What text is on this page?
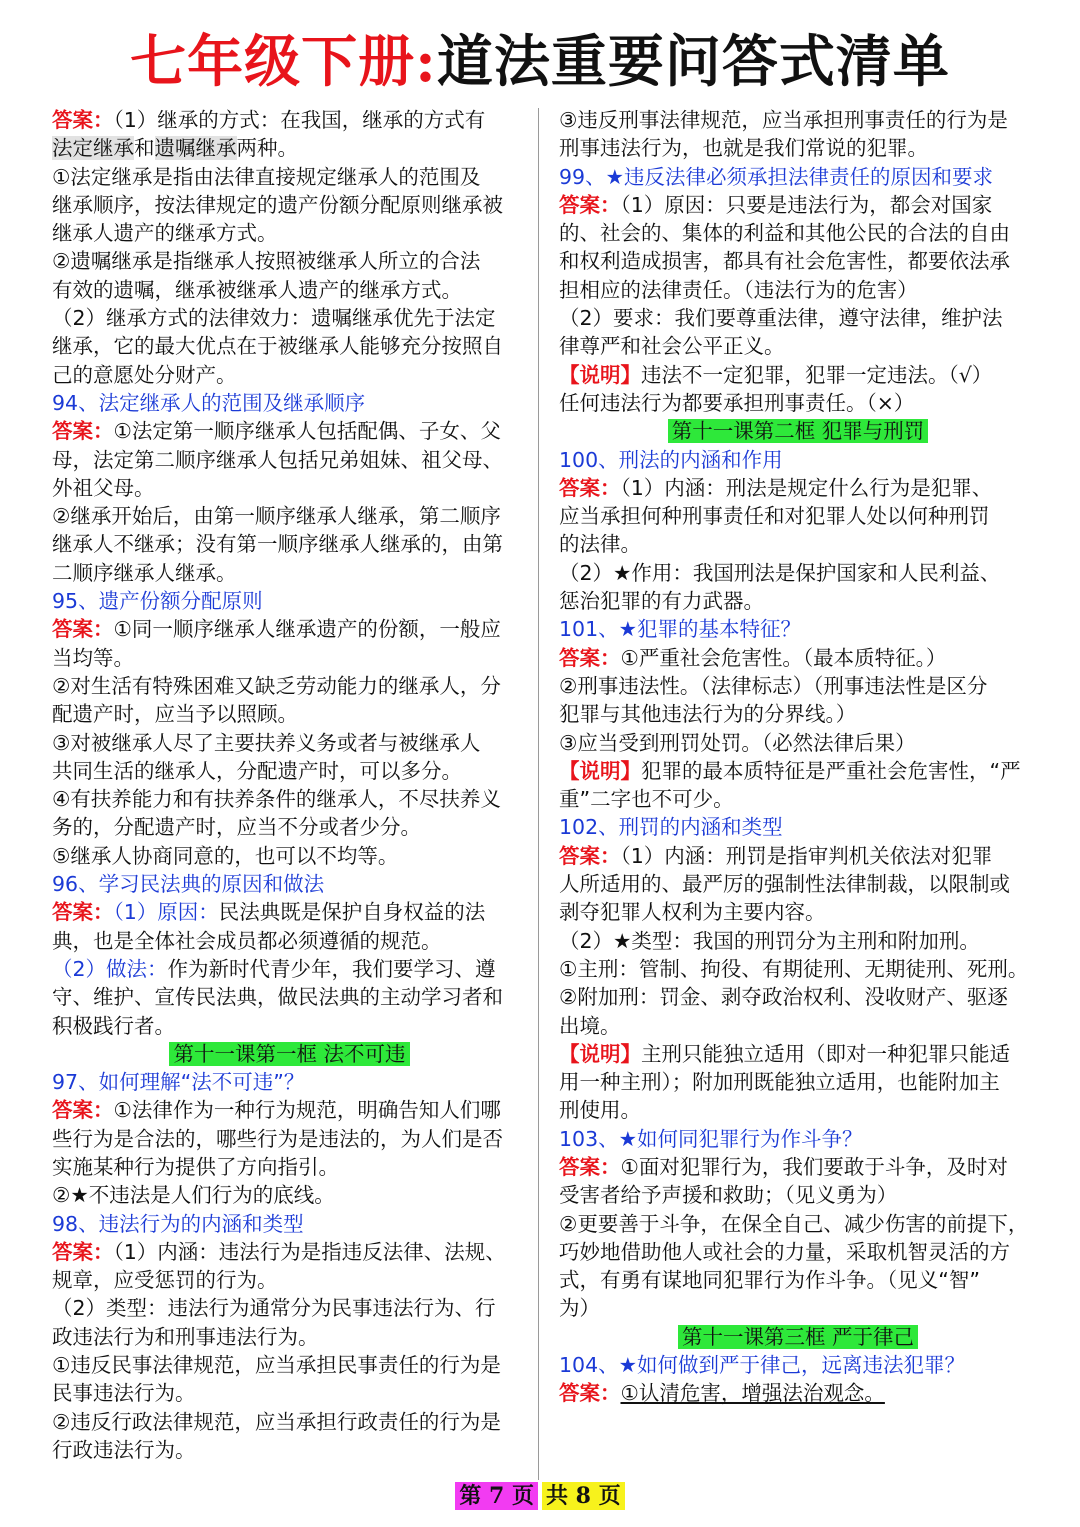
七年级下册:道法重要问答式清单
答案：（1）继承的方式：在我国，继承的方式有
法定继承和遗嘱继承两种。
①法定继承是指由法律直接规定继承人的范围及
继承顺序，按法律规定的遗产份额分配原则继承被
继承人遗产的继承方式。
②遗嘱继承是指继承人按照被继承人所立的合法
有效的遗嘱，继承被继承人遗产的继承方式。
（2）继承方式的法律效力：遗嘱继承优先于法定
继承，它的最大优点在于被继承人能够充分按照自
己的意愿处分财产。
94、法定继承人的范围及继承顺序
答案：①法定第一顺序继承人包括配偶、子女、父
母，法定第二顺序继承人包括兄弟姐妹、祖父母、
外祖父母。
②继承开始后，由第一顺序继承人继承，第二顺序
继承人不继承；没有第一顺序继承人继承的，由第
二顺序继承人继承。
95、遗产份额分配原则
答案：①同一顺序继承人继承遗产的份额，一般应
当均等。
②对生活有特殊困难又缺乏劳动能力的继承人，分
配遗产时，应当予以照顾。
③对被继承人尽了主要扶养义务或者与被继承人
共同生活的继承人，分配遗产时，可以多分。
④有扶养能力和有扶养条件的继承人，不尽扶养义
务的，分配遗产时，应当不分或者少分。
⑤继承人协商同意的，也可以不均等。
96、学习民法典的原因和做法
答案：（1）原因：民法典既是保护自身权益的法
典，也是全体社会成员都必须遵循的规范。
（2）做法：作为新时代青少年，我们要学习、遵
守、维护、宣传民法典，做民法典的主动学习者和
积极践行者。
第十一课第一框 法不可违
97、如何理解“法不可违”？
答案：①法律作为一种行为规范，明确告知人们哪
些行为是合法的，哪些行为是违法的，为人们是否
实施某种行为提供了方向指引。
②★不违法是人们行为的底线。
98、违法行为的内涵和类型
答案：（1）内涵：违法行为是指违反法律、法规、
规章，应受惩罚的行为。
（2）类型：违法行为通常分为民事违法行为、行
政违法行为和刑事违法行为。
①违反民事法律规范，应当承担民事责任的行为是
民事违法行为。
②违反行政法律规范，应当承担行政责任的行为是
行政违法行为。
③违反刑事法律规范，应当承担刑事责任的行为是
刑事违法行为，也就是我们常说的犯罪。
99、★违反法律必须承担法律责任的原因和要求
答案：（1）原因：只要是违法行为，都会对国家
的、社会的、集体的利益和其他公民的合法的自由
和权利造成损害，都具有社会危害性，都要依法承
担相应的法律责任。（违法行为的危害）
（2）要求：我们要尊重法律，遵守法律，维护法
律尊严和社会公平正义。
【说明】违法不一定犯罪，犯罪一定违法。（√）
任何违法行为都要承担刑事责任。（×）
第十一课第二框 犯罪与刑罚
100、刑法的内涵和作用
答案：（1）内涵：刑法是规定什么行为是犯罪、
应当承担何种刑事责任和对犯罪人处以何种刑罚
的法律。
（2）★作用：我国刑法是保护国家和人民利益、
惩治犯罪的有力武器。
101、★犯罪的基本特征？
答案：①严重社会危害性。（最本质特征。）
②刑事违法性。（法律标志）（刑事违法性是区分
犯罪与其他违法行为的分界线。）
③应当受到刑罚处罚。（必然法律后果）
【说明】犯罪的最本质特征是严重社会危害性，“严
重”二字也不可少。
102、刑罚的内涵和类型
答案：（1）内涵：刑罚是指审判机关依法对犯罪
人所适用的、最严厉的强制性法律制裁，以限制或
剥夺犯罪人权利为主要内容。
（2）★类型：我国的刑罚分为主刑和附加刑。
①主刑：管制、拘役、有期徒刑、无期徒刑、死刑。
②附加刑：罚金、剥夺政治权利、没收财产、驱逐
出境。
【说明】主刑只能独立适用（即对一种犯罪只能适
用一种主刑）；附加刑既能独立适用，也能附加主
刑使用。
103、★如何同犯罪行为作斗争？
答案：①面对犯罪行为，我们要敢于斗争，及时对
受害者给予声援和救助；（见义勇为）
②更要善于斗争，在保全自己、减少伤害的前提下，
巧妙地借助他人或社会的力量，采取机智灵活的方
式，有勇有谋地同犯罪行为作斗争。（见义“智”
为）
第十一课第三框 严于律己
104、★如何做到严于律己，远离违法犯罪？
答案：①认清危害，增强法治观念。
第 7 页 共 8 页
